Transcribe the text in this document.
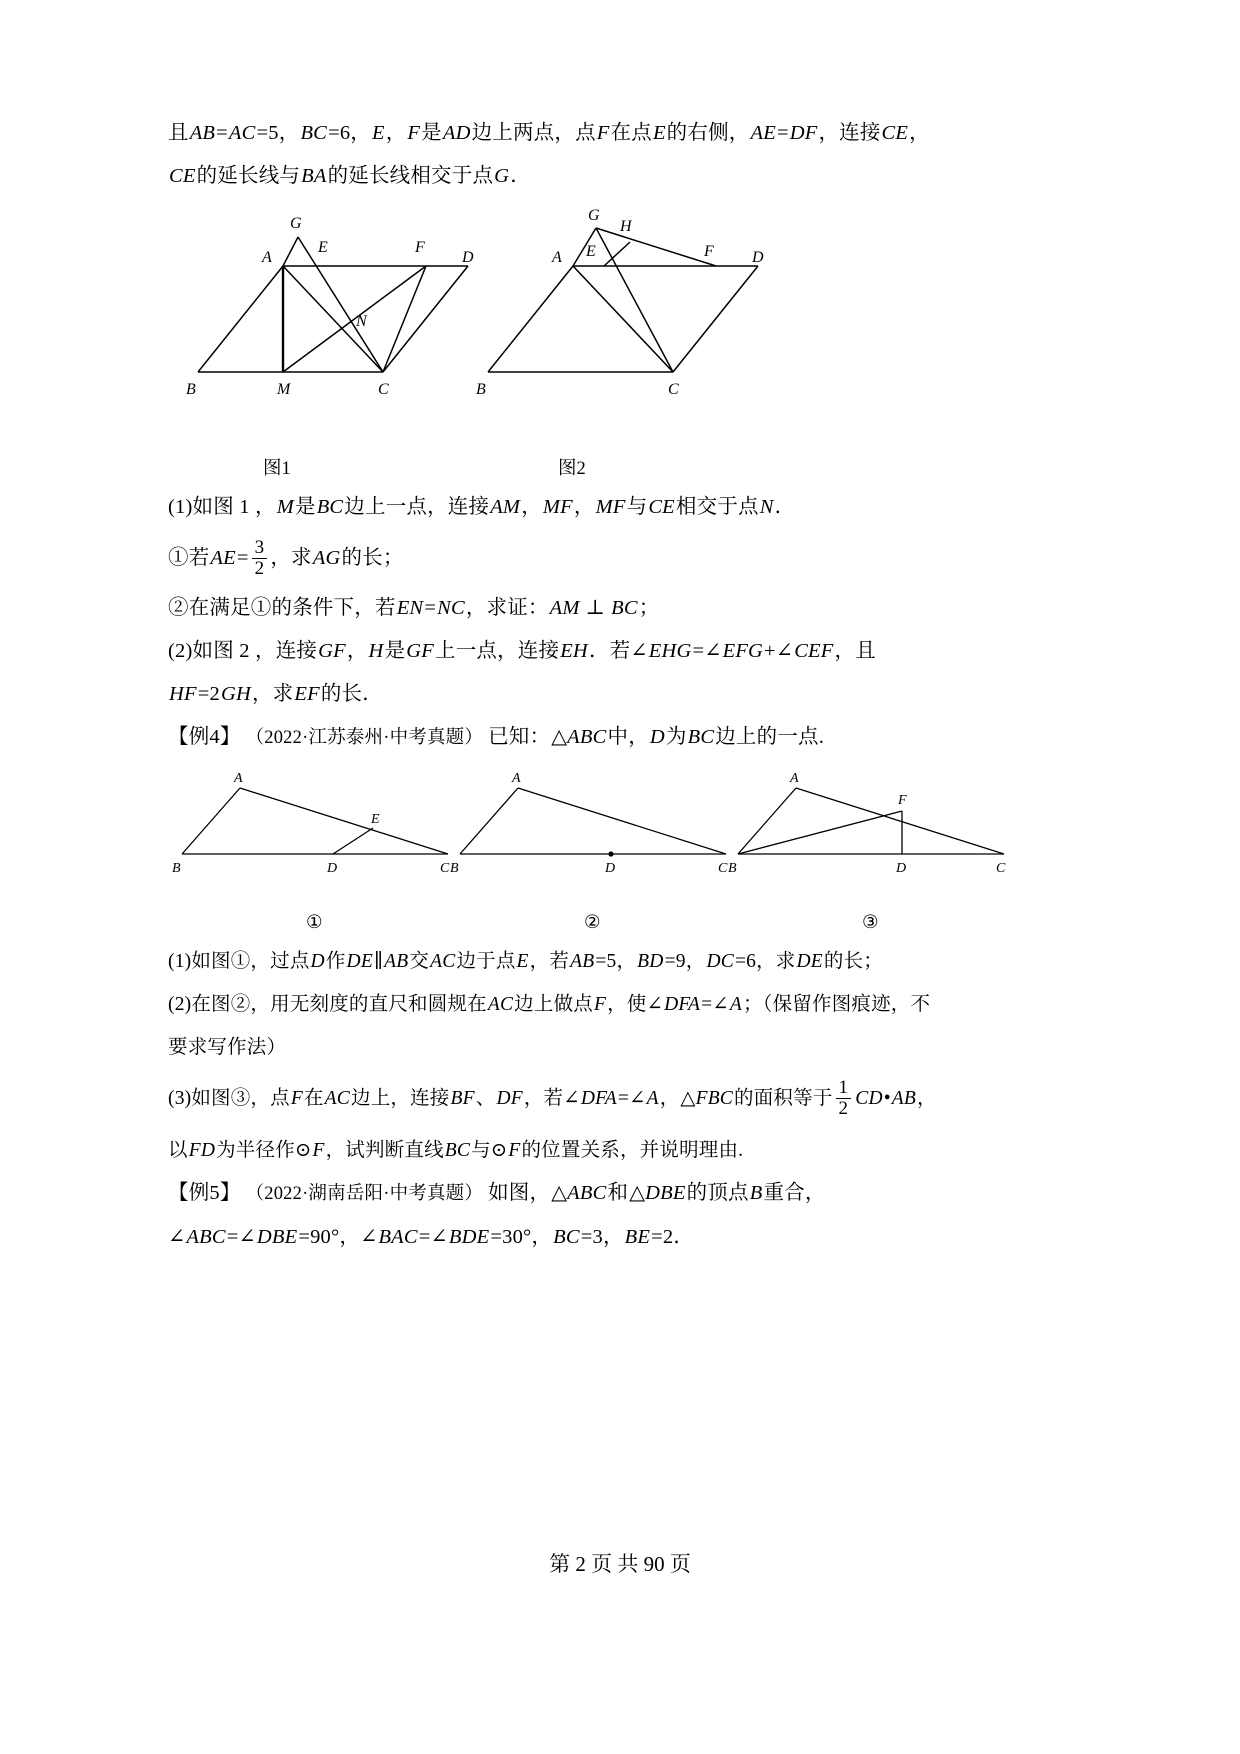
且AB=AC=5，BC=6，E，F是AD边上两点，点F在点E的右侧，AE=DF，连接CE，
CE的延长线与BA的延长线相交于点G．
G
A
E	F
D
N
B	M	C
G
H
A E	F D
B	C
图1	图2
(1)如图 1 ，M是BC边上一点，连接AM，MF，MF与CE相交于点N．
①若$AE= \frac{3}{2}$ ，求AG的长；
②在满足①的条件下，若EN=NC，求证：AM ⊥ BC；
(2)如图 2 ，连接GF，H是GF上一点，连接EH．若∠EHG=∠EFG+∠CEF，且
HF=2GH，求EF的长．
【例4】 （2022·江苏泰州·中考真题） 已知：△ABC中，D为BC边上的一点.
A
E
B	D	C
A
B	D	C
A
F
B	D	C
①	②	③
(1)如图①，过点D作DE∥AB交AC边于点E，若AB=5，BD=9，DC=6，求DE的长；
(2)在图②，用无刻度的直尺和圆规在AC边上做点F，使∠DFA=∠A；（保留作图痕迹，不
要求写作法）
(3)如图③，点F在AC边上，连接BF、DF，若∠DFA=∠A，△FBC的面积等于 $\frac{1}{2}$ CD•AB，
以FD为半径作⊙F，试判断直线BC与⊙F的位置关系，并说明理由.
【例5】 （2022·湖南岳阳·中考真题） 如图，△ABC和△DBE的顶点B重合，
∠ABC=∠DBE=90°，∠BAC=∠BDE=30°，BC=3，BE=2．
第 2 页 共 90 页
